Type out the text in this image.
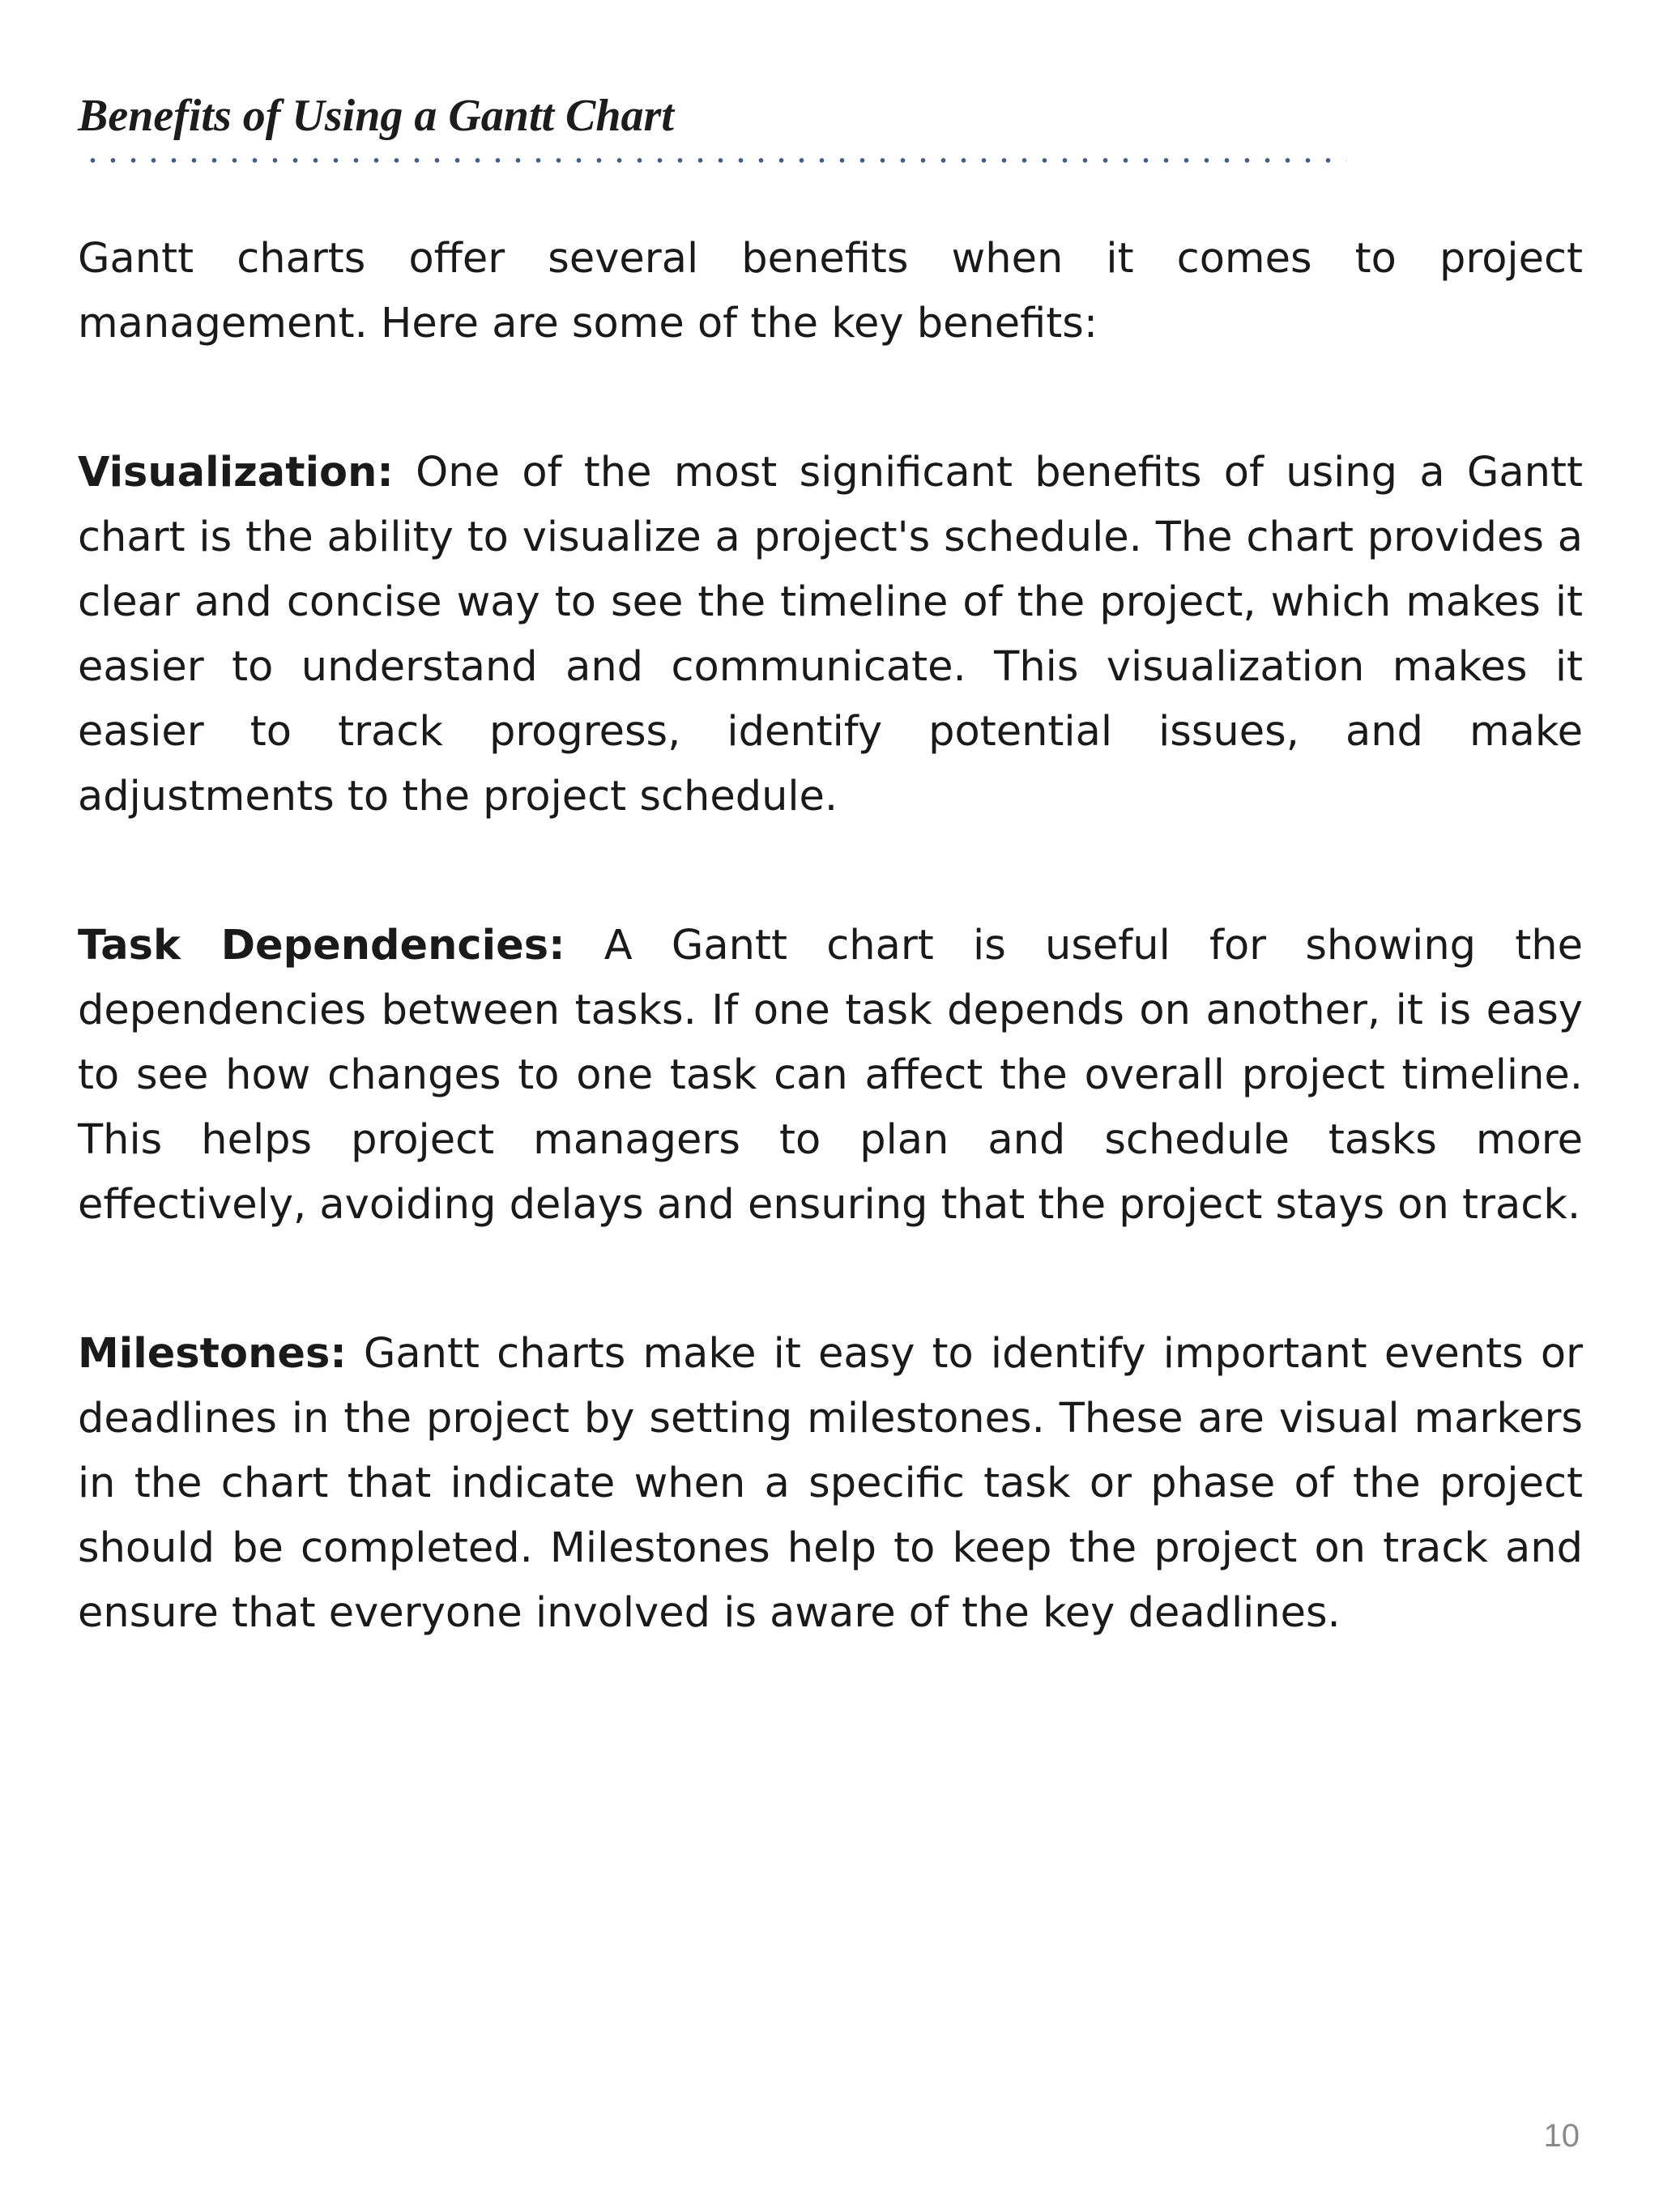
Benefits of Using a Gantt Chart

Gantt charts offer several benefits when it comes to project management. Here are some of the key benefits:

Visualization: One of the most significant benefits of using a Gantt chart is the ability to visualize a project's schedule. The chart provides a clear and concise way to see the timeline of the project, which makes it easier to understand and communicate. This visualization makes it easier to track progress, identify potential issues, and make adjustments to the project schedule.

Task Dependencies: A Gantt chart is useful for showing the dependencies between tasks. If one task depends on another, it is easy to see how changes to one task can affect the overall project timeline. This helps project managers to plan and schedule tasks more effectively, avoiding delays and ensuring that the project stays on track.

Milestones: Gantt charts make it easy to identify important events or deadlines in the project by setting milestones. These are visual markers in the chart that indicate when a specific task or phase of the project should be completed. Milestones help to keep the project on track and ensure that everyone involved is aware of the key deadlines.

10
